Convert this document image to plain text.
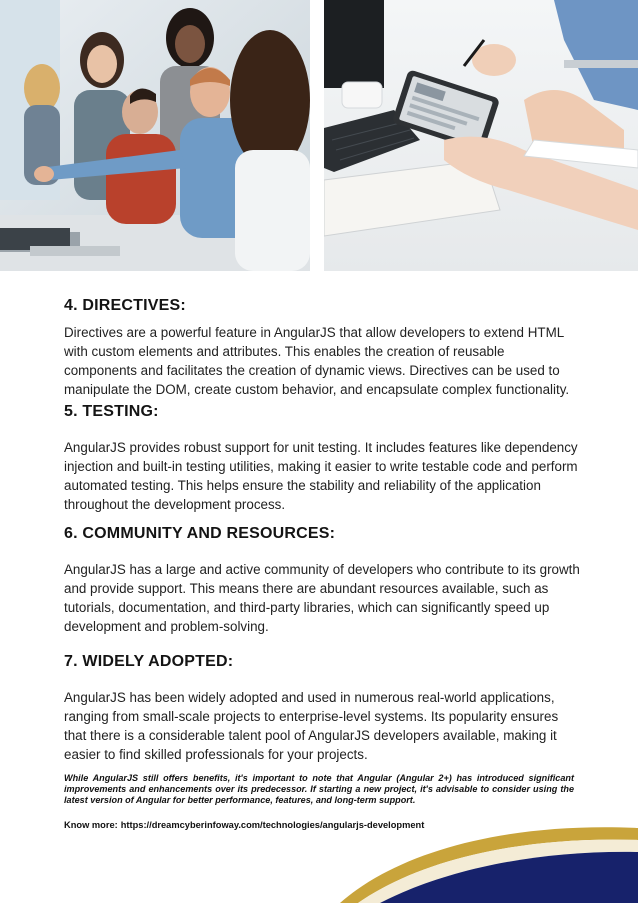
4. DIRECTIVES:

Directives are a powerful feature in AngularJS that allow developers to extend HTML with custom elements and attributes. This enables the creation of reusable components and facilitates the creation of dynamic views. Directives can be used to manipulate the DOM, create custom behavior, and encapsulate complex functionality.

5. TESTING:

AngularJS provides robust support for unit testing. It includes features like dependency injection and built-in testing utilities, making it easier to write testable code and perform automated testing. This helps ensure the stability and reliability of the application throughout the development process.

6. COMMUNITY AND RESOURCES:

AngularJS has a large and active community of developers who contribute to its growth and provide support. This means there are abundant resources available, such as tutorials, documentation, and third-party libraries, which can significantly speed up development and problem-solving.

7. WIDELY ADOPTED:

AngularJS has been widely adopted and used in numerous real-world applications, ranging from small-scale projects to enterprise-level systems. Its popularity ensures that there is a considerable talent pool of AngularJS developers available, making it easier to find skilled professionals for your projects.

While AngularJS still offers benefits, it's important to note that Angular (Angular 2+) has introduced significant improvements and enhancements over its predecessor. If starting a new project, it's advisable to consider using the latest version of Angular for better performance, features, and long-term support.

Know more: https://dreamcyberinfoway.com/technologies/angularjs-development
